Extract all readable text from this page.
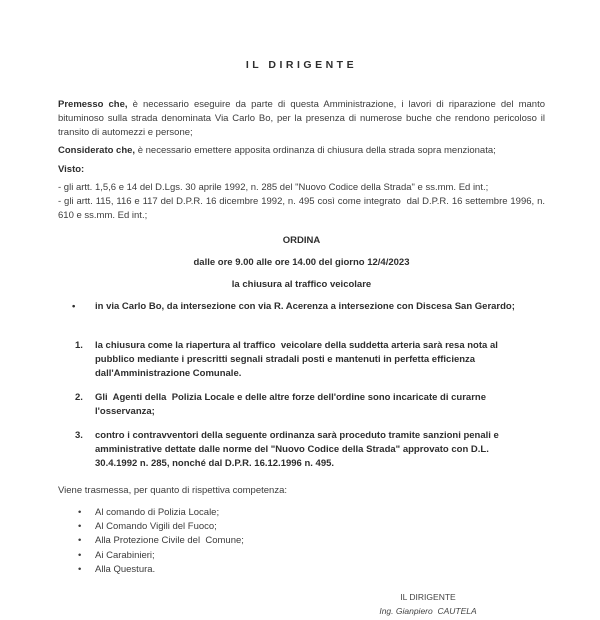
IL DIRIGENTE

Premesso che, è necessario eseguire da parte di questa Amministrazione, i lavori di riparazione del manto bituminoso sulla strada denominata Via Carlo Bo, per la presenza di numerose buche che rendono pericoloso il transito di automezzi e persone;

Considerato che, è necessario emettere apposita ordinanza di chiusura della strada sopra menzionata;

Visto:

- gli artt. 1,5,6 e 14 del D.Lgs. 30 aprile 1992, n. 285 del "Nuovo Codice della Strada" e ss.mm. Ed int.;

- gli artt. 115, 116 e 117 del D.P.R. 16 dicembre 1992, n. 495 così come integrato  dal D.P.R. 16 settembre 1996, n. 610 e ss.mm. Ed int.;

ORDINA

dalle ore 9.00 alle ore 14.00 del giorno 12/4/2023

la chiusura al traffico veicolare

•	in via Carlo Bo, da intersezione con via R. Acerenza a intersezione con Discesa San Gerardo;
1.	la chiusura come la riapertura al traffico  veicolare della suddetta arteria sarà resa nota al pubblico mediante i prescritti segnali stradali posti e mantenuti in perfetta efficienza dall'Amministrazione Comunale.
2.	Gli  Agenti della  Polizia Locale e delle altre forze dell'ordine sono incaricate di curarne l'osservanza;
3.	contro i contravventori della seguente ordinanza sarà proceduto tramite sanzioni penali e amministrative dettate dalle norme del "Nuovo Codice della Strada" approvato con D.L. 30.4.1992 n. 285, nonché dal D.P.R. 16.12.1996 n. 495.

Viene trasmessa, per quanto di rispettiva competenza:

•	Al comando di Polizia Locale;
•	Al Comando Vigili del Fuoco;
•	Alla Protezione Civile del  Comune;
•	Ai Carabinieri;
•	Alla Questura.
IL DIRIGENTE
Ing. Gianpiero  CAUTELA
